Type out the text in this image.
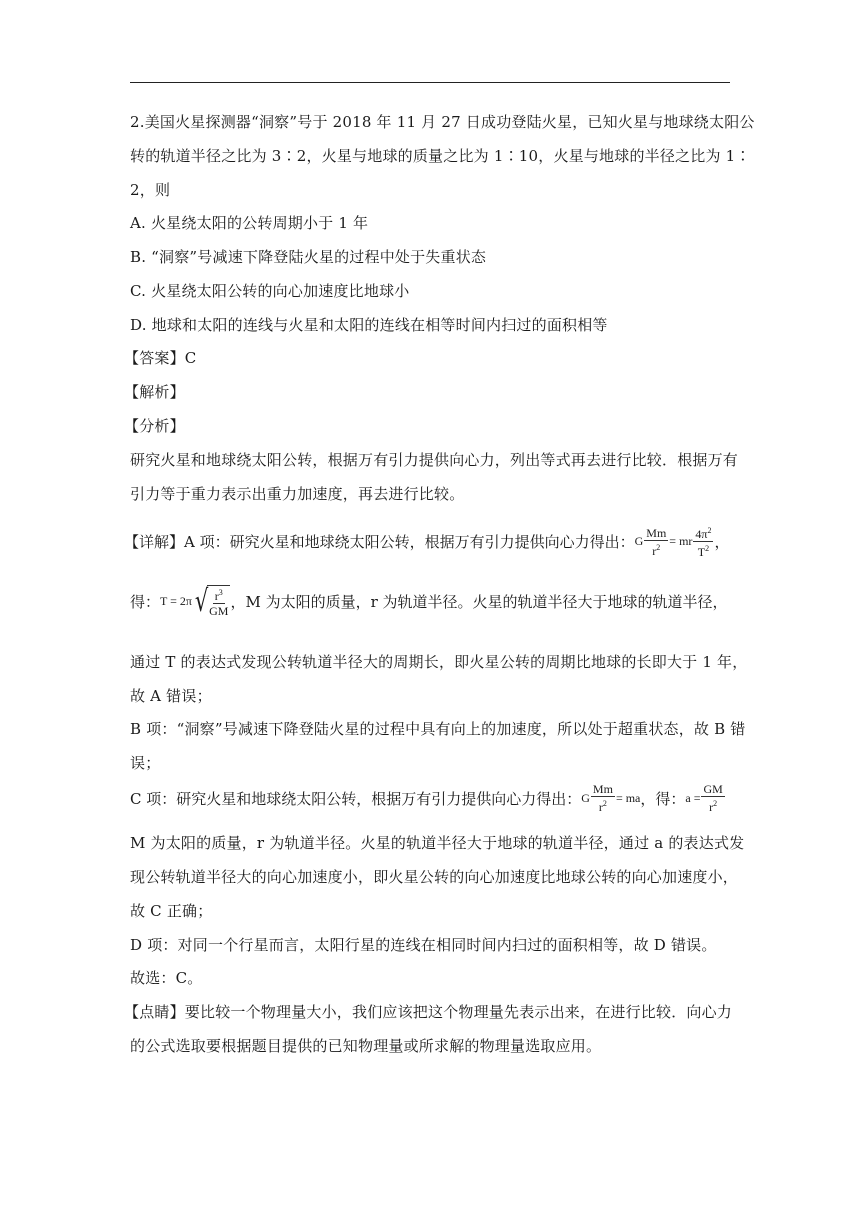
2.美国火星探测器“洞察”号于 2018 年 11 月 27 日成功登陆火星，已知火星与地球绕太阳公
转的轨道半径之比为 3∶2，火星与地球的质量之比为 1∶10，火星与地球的半径之比为 1∶
2，则
A. 火星绕太阳的公转周期小于 1 年
B. “洞察”号减速下降登陆火星的过程中处于失重状态
C. 火星绕太阳公转的向心加速度比地球小
D. 地球和太阳的连线与火星和太阳的连线在相等时间内扫过的面积相等
【答案】C
【解析】
【分析】
研究火星和地球绕太阳公转，根据万有引力提供向心力，列出等式再去进行比较．根据万有
引力等于重力表示出重力加速度，再去进行比较。
【详解】A 项：研究火星和地球绕太阳公转，根据万有引力提供向心力得出： G $\frac{Mm}{r^2}$ = mr $\frac{4\pi^2}{T^2}$ ，
得： T = 2π √
$\frac{r^3}{GM}$ ，M 为太阳的质量，r 为轨道半径。火星的轨道半径大于地球的轨道半径，
通过 T 的表达式发现公转轨道半径大的周期长，即火星公转的周期比地球的长即大于 1 年，
故 A 错误；
B 项：“洞察”号减速下降登陆火星的过程中具有向上的加速度，所以处于超重状态，故 B 错
误；
C 项：研究火星和地球绕太阳公转，根据万有引力提供向心力得出： G $\frac{Mm}{r^2}$ = ma ，得： $a = \frac{GM}{r^2}$
M 为太阳的质量，r 为轨道半径。火星的轨道半径大于地球的轨道半径，通过 a 的表达式发
现公转轨道半径大的向心加速度小，即火星公转的向心加速度比地球公转的向心加速度小，
故 C 正确；
D 项：对同一个行星而言，太阳行星的连线在相同时间内扫过的面积相等，故 D 错误。
故选：C。
【点睛】要比较一个物理量大小，我们应该把这个物理量先表示出来，在进行比较．向心力
的公式选取要根据题目提供的已知物理量或所求解的物理量选取应用。
